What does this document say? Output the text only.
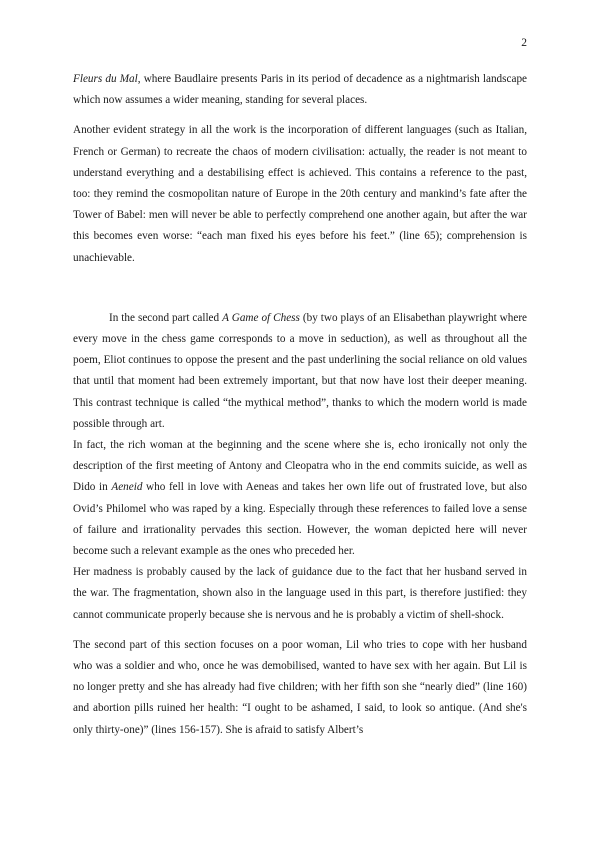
2

Fleurs du Mal, where Baudlaire presents Paris in its period of decadence as a nightmarish landscape which now assumes a wider meaning, standing for several places.

Another evident strategy in all the work is the incorporation of different languages (such as Italian, French or German) to recreate the chaos of modern civilisation: actually, the reader is not meant to understand everything and a destabilising effect is achieved. This contains a reference to the past, too: they remind the cosmopolitan nature of Europe in the 20th century and mankind’s fate after the Tower of Babel: men will never be able to perfectly comprehend one another again, but after the war this becomes even worse: “each man fixed his eyes before his feet.” (line 65); comprehension is unachievable.

In the second part called A Game of Chess (by two plays of an Elisabethan playwright where every move in the chess game corresponds to a move in seduction), as well as throughout all the poem, Eliot continues to oppose the present and the past underlining the social reliance on old values that until that moment had been extremely important, but that now have lost their deeper meaning. This contrast technique is called “the mythical method”, thanks to which the modern world is made possible through art.

In fact, the rich woman at the beginning and the scene where she is, echo ironically not only the description of the first meeting of Antony and Cleopatra who in the end commits suicide, as well as Dido in Aeneid who fell in love with Aeneas and takes her own life out of frustrated love, but also Ovid’s Philomel who was raped by a king. Especially through these references to failed love a sense of failure and irrationality pervades this section. However, the woman depicted here will never become such a relevant example as the ones who preceded her.

Her madness is probably caused by the lack of guidance due to the fact that her husband served in the war. The fragmentation, shown also in the language used in this part, is therefore justified: they cannot communicate properly because she is nervous and he is probably a victim of shell-shock.

The second part of this section focuses on a poor woman, Lil who tries to cope with her husband who was a soldier and who, once he was demobilised, wanted to have sex with her again. But Lil is no longer pretty and she has already had five children; with her fifth son she “nearly died” (line 160) and abortion pills ruined her health: “I ought to be ashamed, I said, to look so antique. (And she's only thirty-one)” (lines 156-157). She is afraid to satisfy Albert’s
